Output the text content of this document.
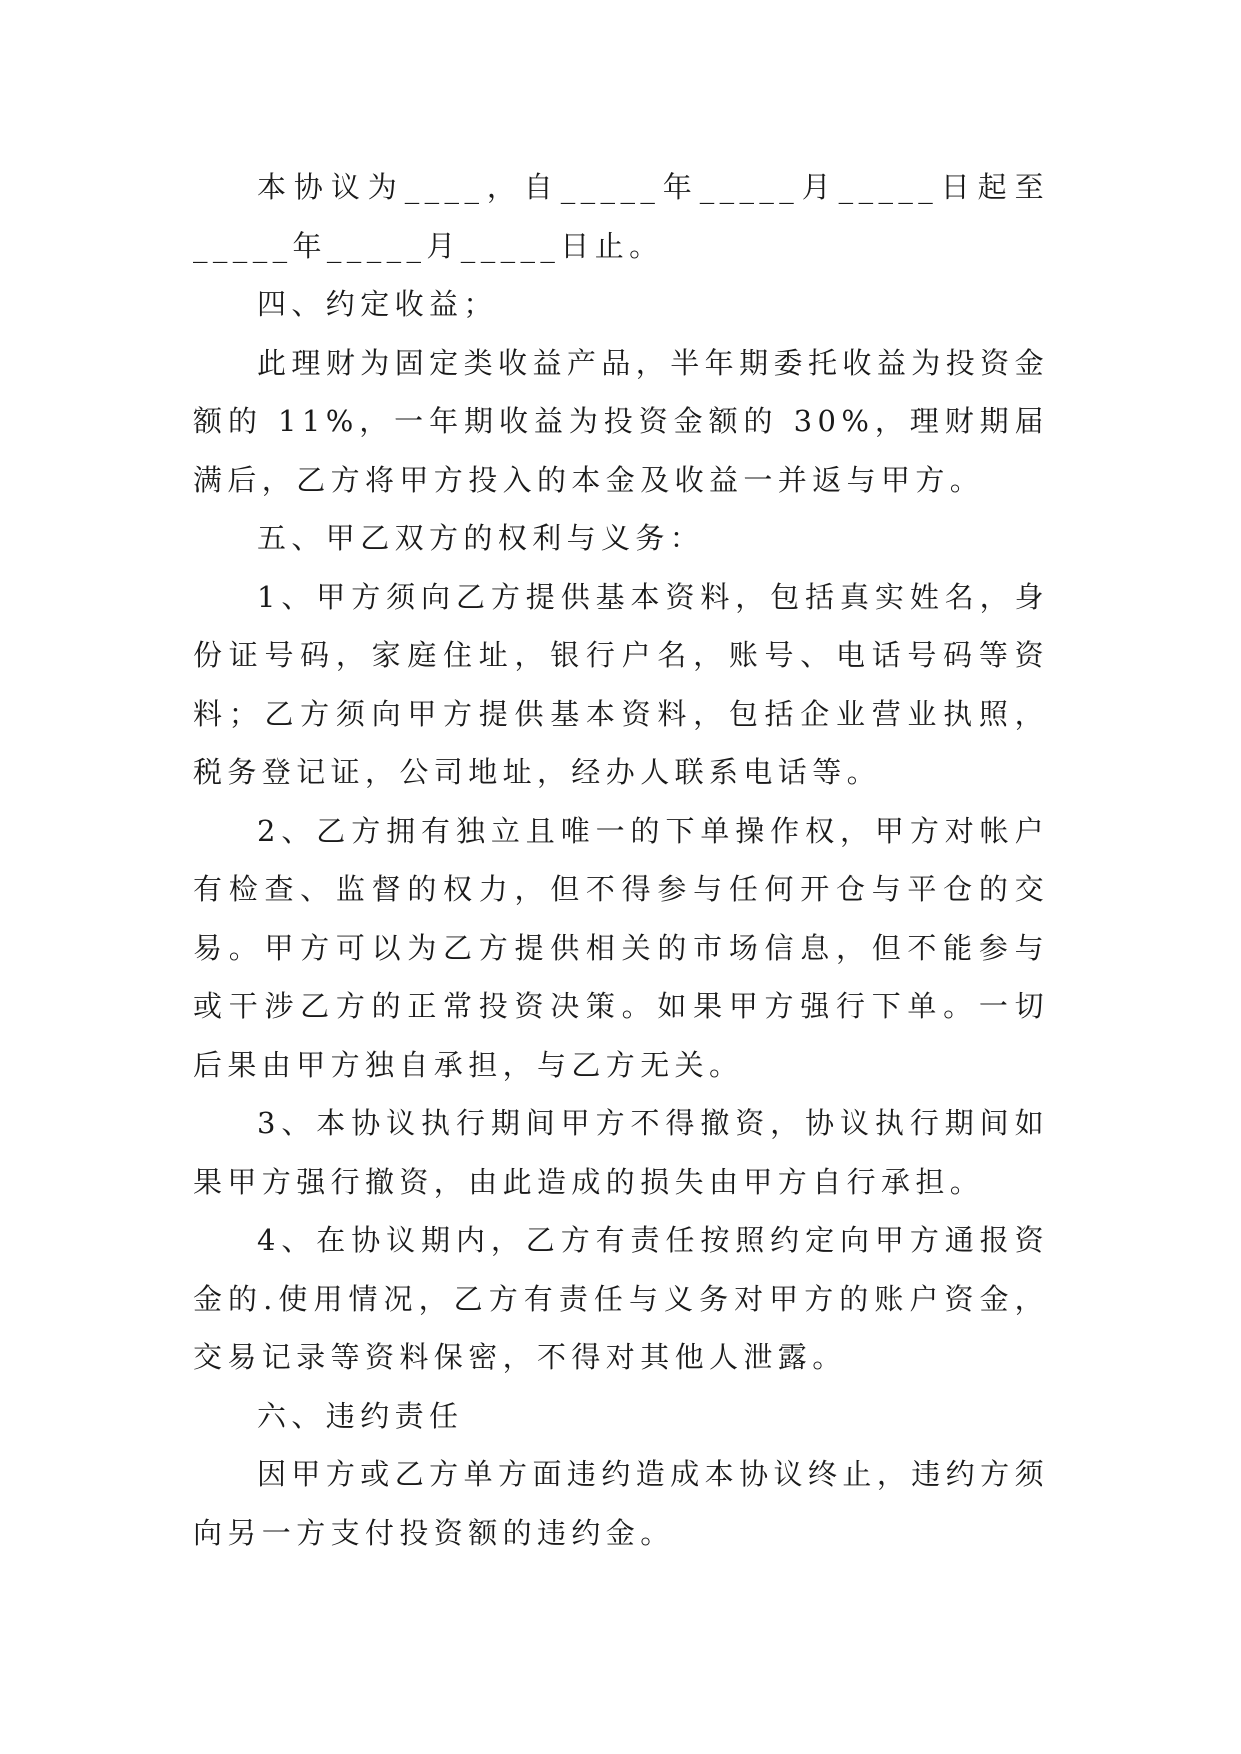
本协议为____，自_____年_____月_____日起至_____年_____月_____日止。

四、约定收益；

此理财为固定类收益产品，半年期委托收益为投资金额的 11%，一年期收益为投资金额的 30%，理财期届满后，乙方将甲方投入的本金及收益一并返与甲方。

五、甲乙双方的权利与义务：

1、甲方须向乙方提供基本资料，包括真实姓名，身份证号码，家庭住址，银行户名，账号、电话号码等资料；乙方须向甲方提供基本资料，包括企业营业执照，税务登记证，公司地址，经办人联系电话等。

2、乙方拥有独立且唯一的下单操作权，甲方对帐户有检查、监督的权力，但不得参与任何开仓与平仓的交易。甲方可以为乙方提供相关的市场信息，但不能参与或干涉乙方的正常投资决策。如果甲方强行下单。一切后果由甲方独自承担，与乙方无关。

3、本协议执行期间甲方不得撤资，协议执行期间如果甲方强行撤资，由此造成的损失由甲方自行承担。

4、在协议期内，乙方有责任按照约定向甲方通报资金的.使用情况，乙方有责任与义务对甲方的账户资金，交易记录等资料保密，不得对其他人泄露。

六、违约责任

因甲方或乙方单方面违约造成本协议终止，违约方须向另一方支付投资额的违约金。
